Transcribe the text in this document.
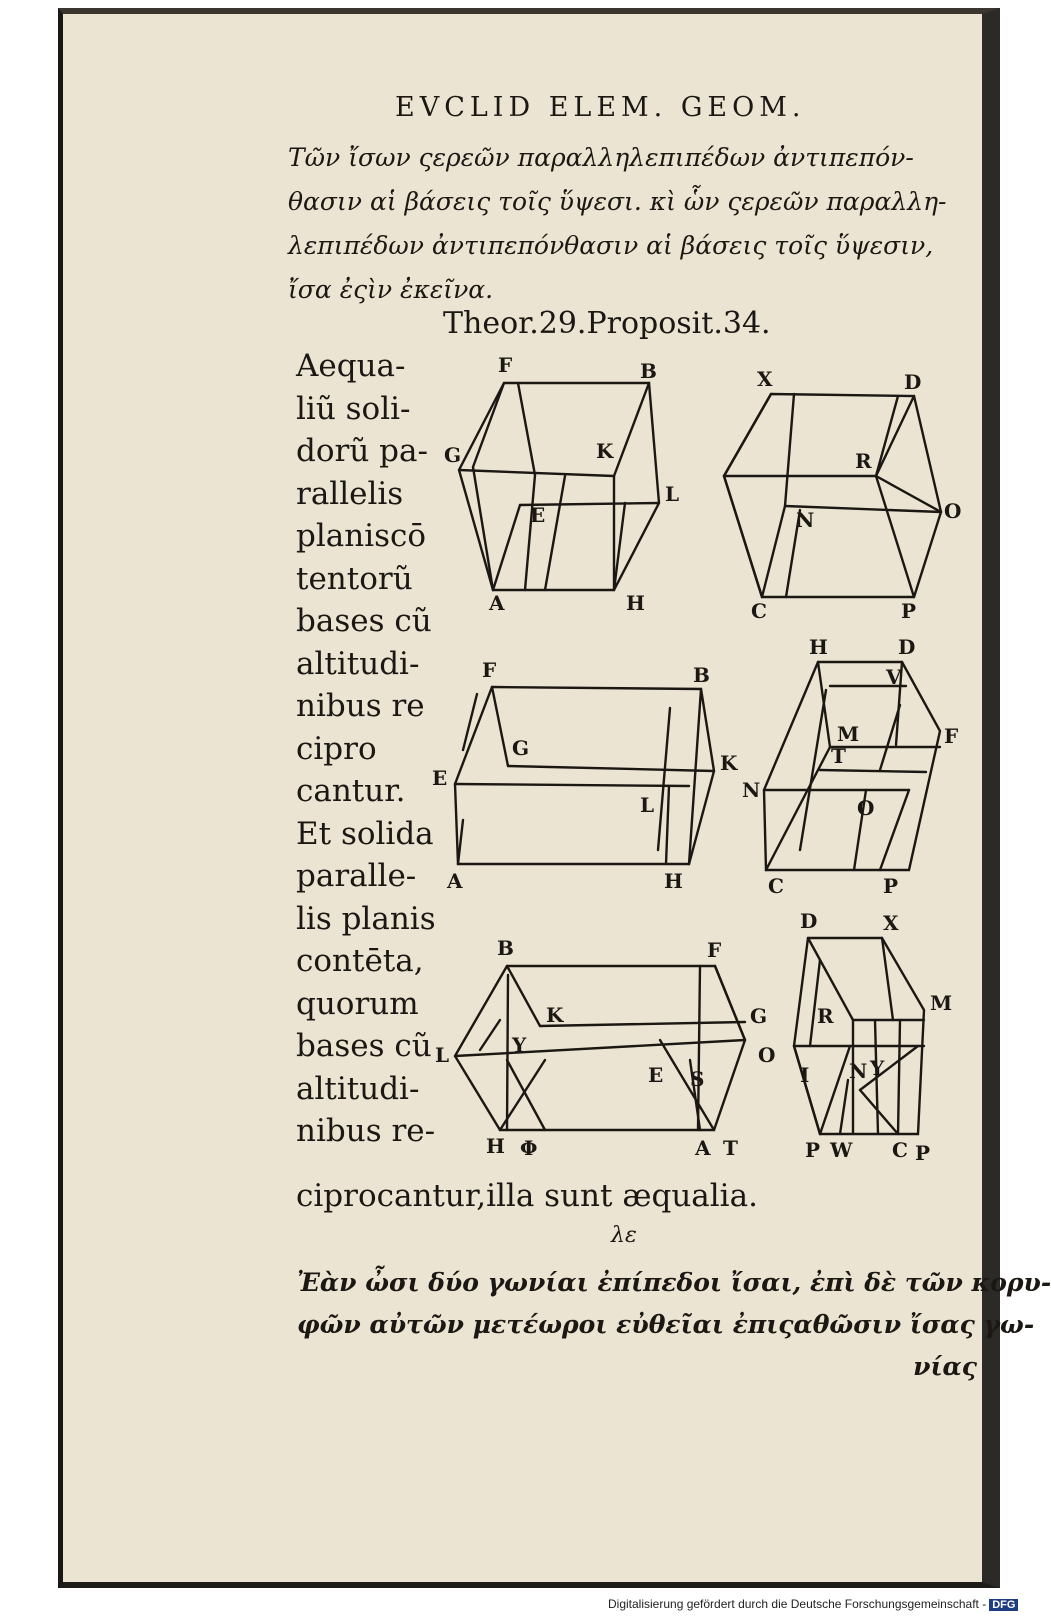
EVCLID ELEM. GEOM.
Τῶν ἴσων ςερεῶν παραλληλεπιπέδων ἀντιπεπόν-
θασιν αἱ βάσεις τοῖς ὕψεσι. κὶ ὧν ςερεῶν παραλλη-
λεπιπέδων ἀντιπεπόνθασιν αἱ βάσεις τοῖς ὕψεσιν,
ἴσα ἐςὶν ἐκεῖνα.
Theor.29.Proposit.34.
Aequa-
liũ soli-
dorũ pa-
rallelis
planiscō
tentorũ
bases cũ
altitudi-
nibus re
cipro
cantur.
Et solida
paralle-
lis planis
contēta,
quorum
bases cũ
altitudi-
nibus re-
F	B
G	K
L
E
A	H
X	D
R
N	O
C	P
F	B
G
K
E
L
A	H
H	D
V
M
T
F
N
O
C	P
B	F
K	G
L	Y	O
E S
H Φ	A T
D	X
R
M
I N Y
P W C P
ciprocantur,illa sunt æqualia.
λε
Ἐὰν ὦσι δύο γωνίαι ἐπίπεδοι ἴσαι, ἐπὶ δὲ τῶν κορυ-
φῶν αὐτῶν μετέωροι εὐθεῖαι ἐπιςαθῶσιν ἴσας γω-
νίας
Digitalisierung gefördert durch die Deutsche Forschungsgemeinschaft - DFG
